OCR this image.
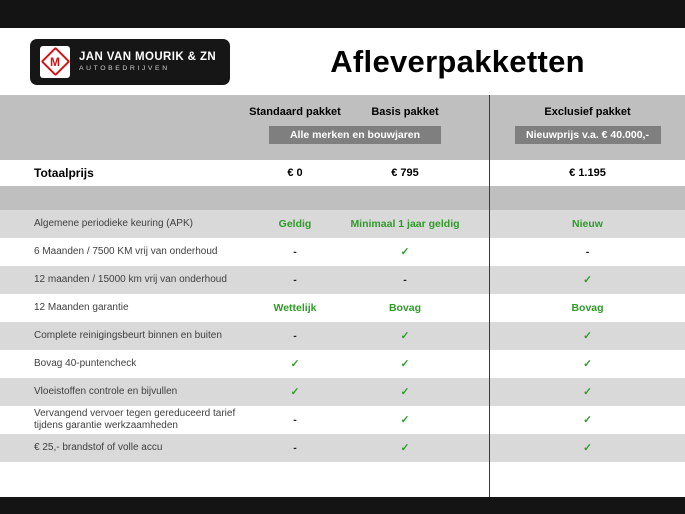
M JAN VAN MOURIK & ZN
AUTOBEDRIJVEN	Afleverpakketten
Standaard pakket	Basis pakket	Exclusief pakket
Alle merken en bouwjaren	Nieuwprijs v.a. € 40.000,-
Totaalprijs	€ 0	€ 795	€ 1.195
Algemene periodieke keuring (APK)	Geldig	Minimaal 1 jaar geldig	Nieuw
6 Maanden / 7500 KM vrij van onderhoud	-	✓	-
12 maanden / 15000 km vrij van onderhoud	-	-	✓
12 Maanden garantie	Wettelijk	Bovag	Bovag
Complete reinigingsbeurt binnen en buiten	-	✓	✓
Bovag 40-puntencheck	✓	✓	✓
Vloeistoffen controle en bijvullen	✓	✓	✓
Vervangend vervoer tegen gereduceerd tarief tijdens garantie werkzaamheden	-	✓	✓
€ 25,- brandstof of volle accu	-	✓	✓
